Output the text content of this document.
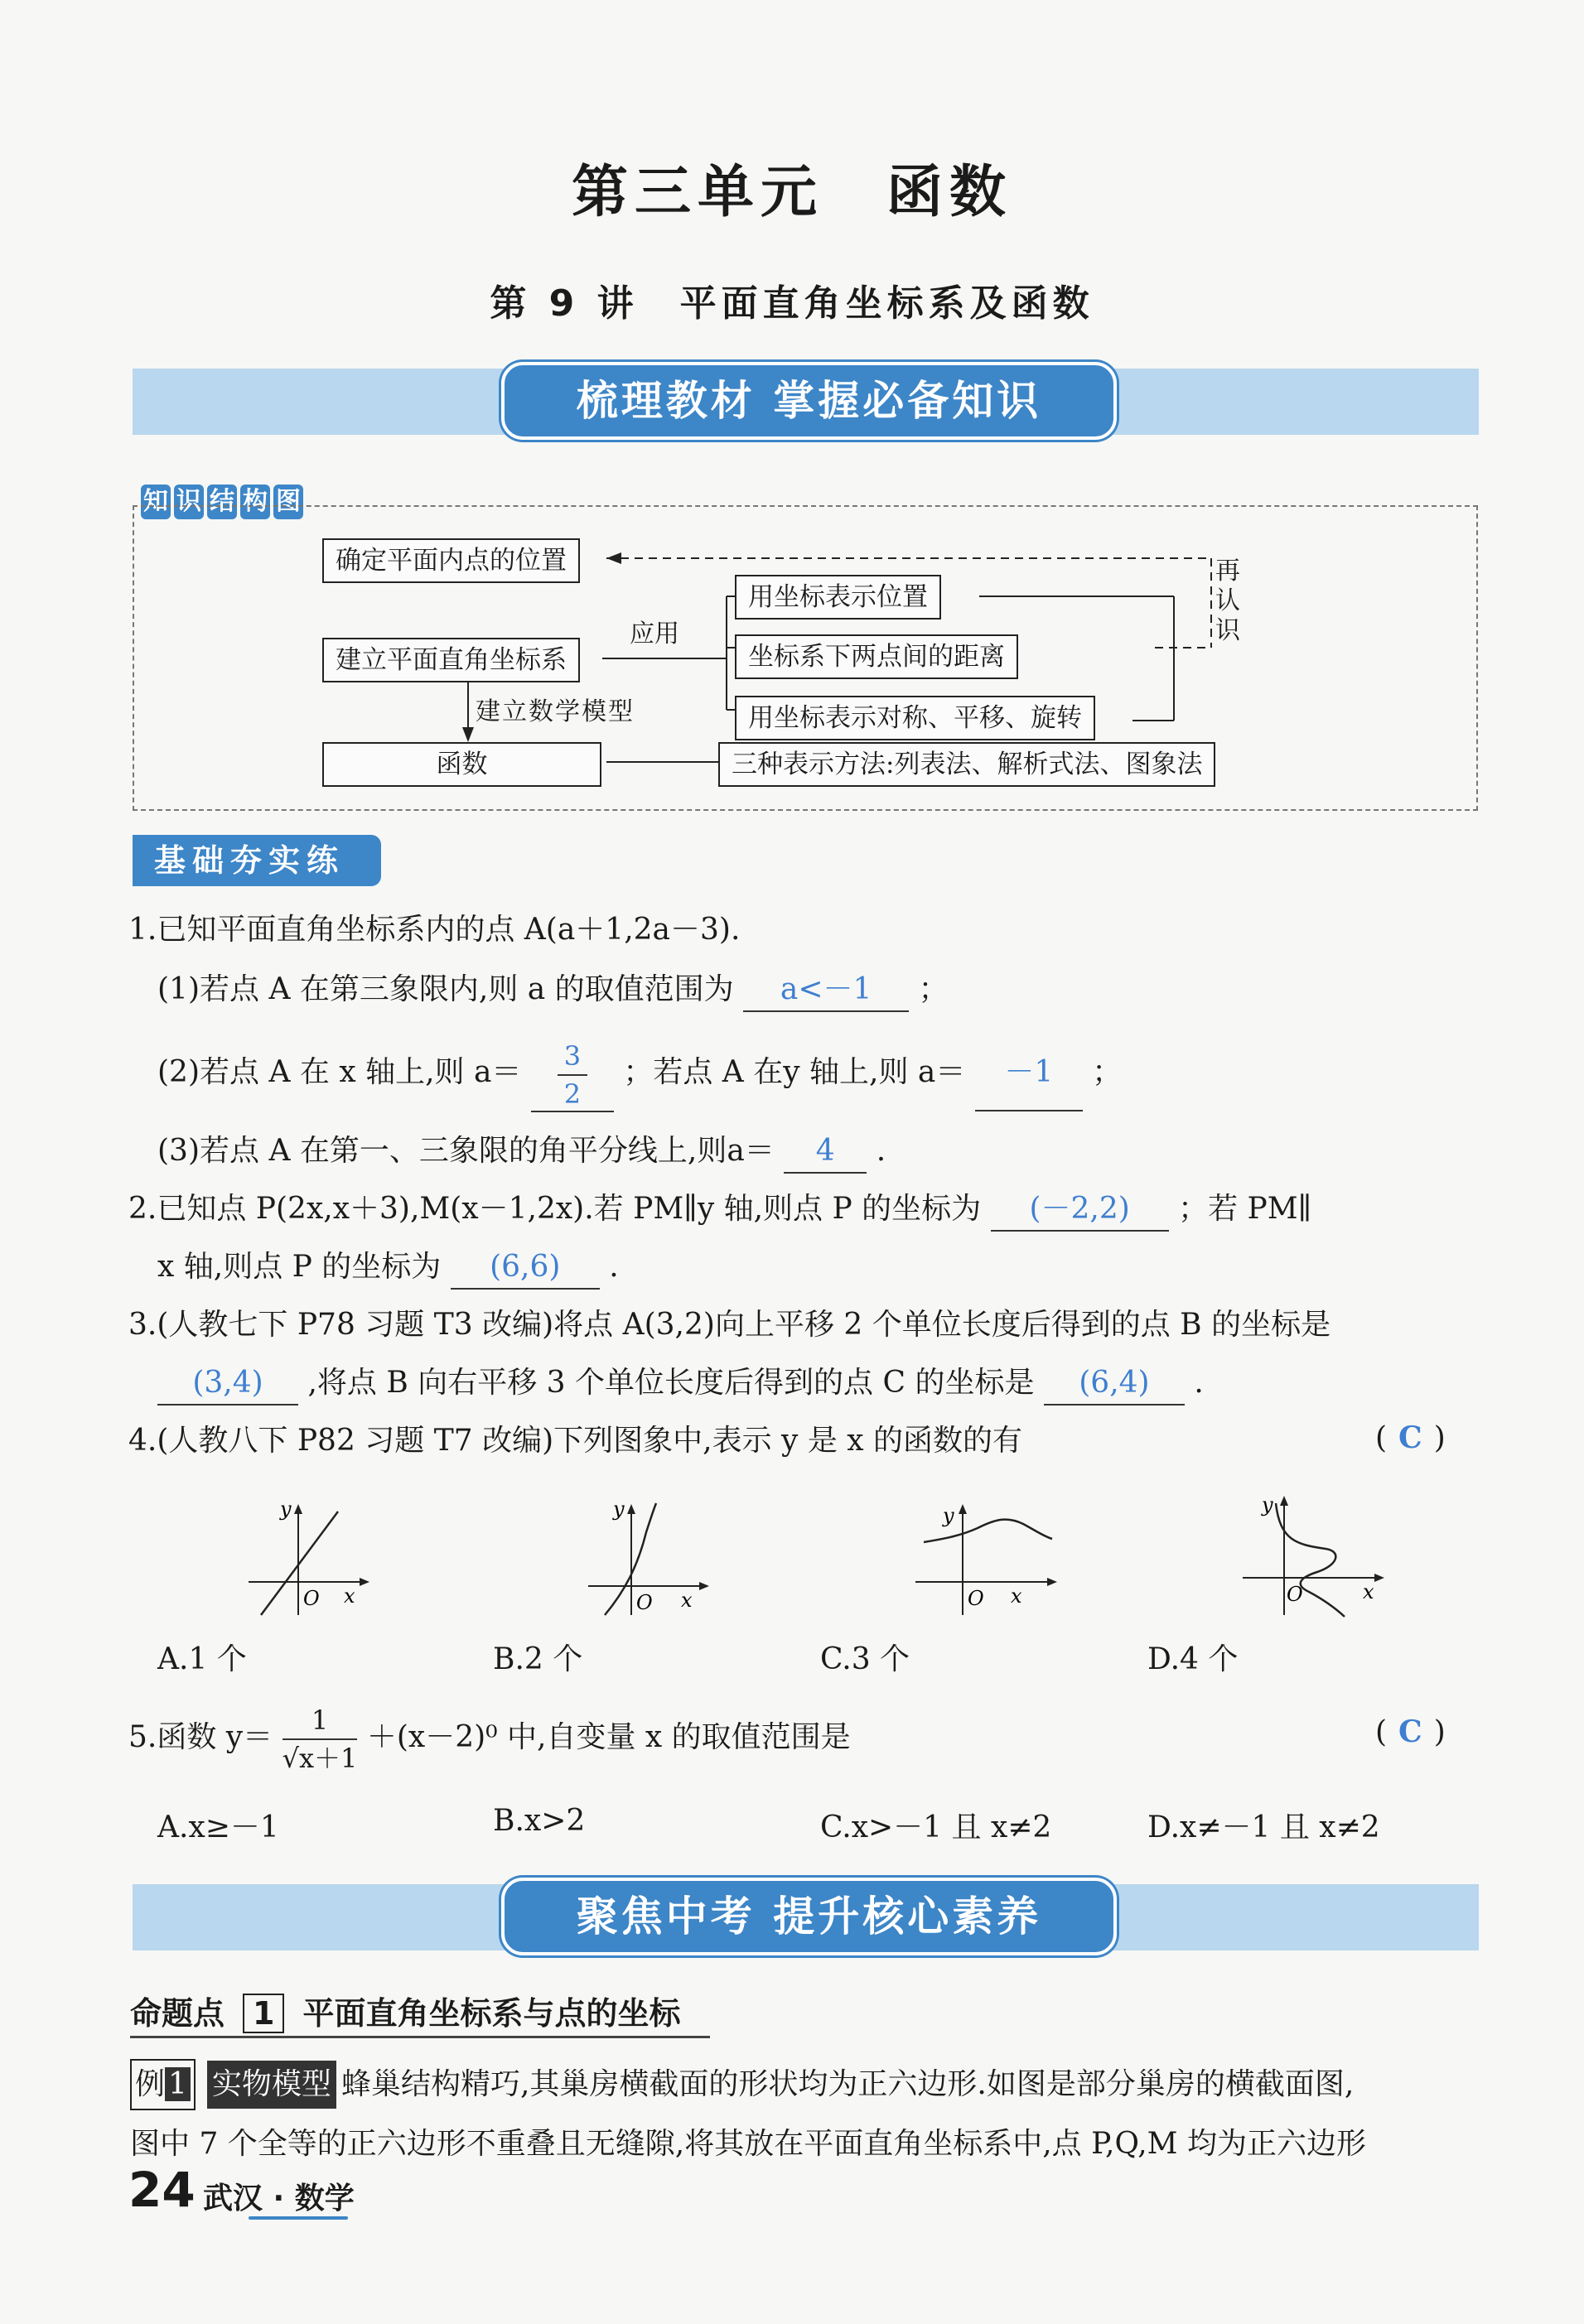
第三单元　函数
第 9 讲　平面直角坐标系及函数
梳理教材 掌握必备知识
知 识 结 构 图
确定平面内点的位置
建立平面直角坐标系
函数
应用
建立数学模型
再
认
识
用坐标表示位置
坐标系下两点间的距离
用坐标表示对称、平移、旋转
三种表示方法:列表法、解析式法、图象法
基础夯实练
1.已知平面直角坐标系内的点 A(a＋1,2a－3).
(1)若点 A 在第三象限内,则 a 的取值范围为 a<－1 ；
(2)若点 A 在 x 轴上,则 $a= \frac{3}{2}$ ；若点 A 在y 轴上,则 a＝ －1 ；
(3)若点 A 在第一、三象限的角平分线上,则a＝ 4 .
2.已知点 P(2x,x＋3),M(x－1,2x).若 PM∥y 轴,则点 P 的坐标为 (－2,2) ；若 PM∥
x 轴,则点 P 的坐标为 (6,6) .
3.(人教七下 P78 习题 T3 改编)将点 A(3,2)向上平移 2 个单位长度后得到的点 B 的坐标是
(3,4) ,将点 B 向右平移 3 个单位长度后得到的点 C 的坐标是 (6,4) .
4.(人教八下 P82 习题 T7 改编)下列图象中,表示 y 是 x 的函数的有	( C )
y
O x
y
O x
y
O x
y
O	x
A.1 个	B.2 个	C.3 个	D.4 个
5.函数 $y= \frac{1}{√x+1} +(x-2)^0$ 中,自变量 x 的取值范围是	( C )
A.x≥－1	B.x>2	C.x>－1 且 x≠2	D.x≠－1 且 x≠2
聚焦中考 提升核心素养
命题点 1 平面直角坐标系与点的坐标
例 1 实物模型 蜂巢结构精巧,其巢房横截面的形状均为正六边形.如图是部分巢房的横截面图,
图中 7 个全等的正六边形不重叠且无缝隙,将其放在平面直角坐标系中,点 P,Q,M 均为正六边形
24 武汉 · 数学
